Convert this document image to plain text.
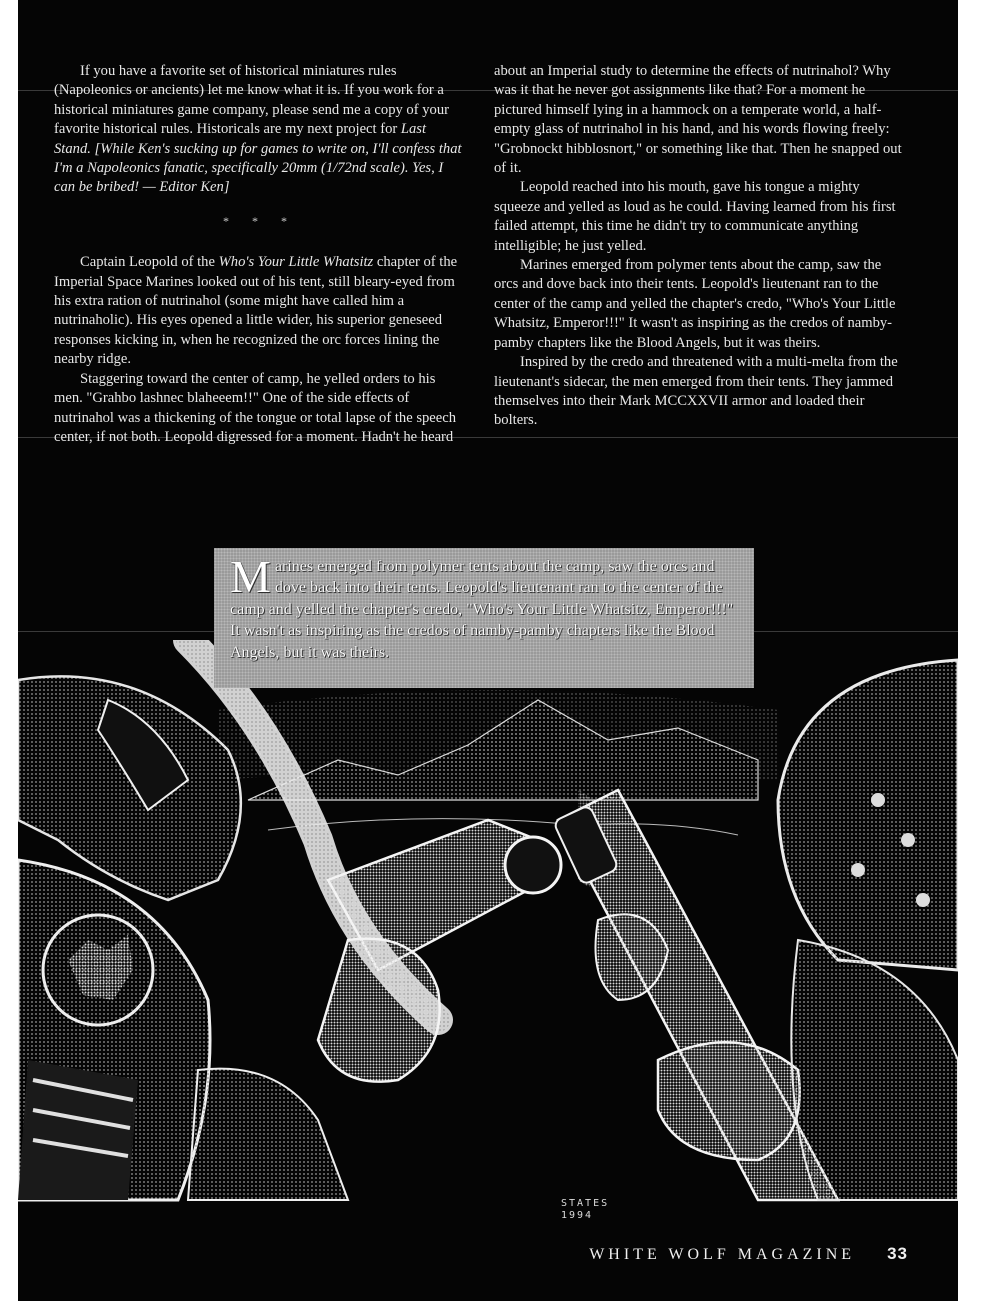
If you have a favorite set of historical miniatures rules (Napoleonics or ancients) let me know what it is. If you work for a historical miniatures game company, please send me a copy of your favorite historical rules. Historicals are my next project for Last Stand. [While Ken's sucking up for games to write on, I'll confess that I'm a Napoleonics fanatic, specifically 20mm (1/72nd scale). Yes, I can be bribed! — Editor Ken]

* * *

Captain Leopold of the Who's Your Little Whatsitz chapter of the Imperial Space Marines looked out of his tent, still bleary-eyed from his extra ration of nutrinahol (some might have called him a nutrinaholic). His eyes opened a little wider, his superior geneseed responses kicking in, when he recognized the orc forces lining the nearby ridge.

Staggering toward the center of camp, he yelled orders to his men. "Grahbo lashnec blaheeem!!" One of the side effects of nutrinahol was a thickening of the tongue or total lapse of the speech center, if not both. Leopold digressed for a moment. Hadn't he heard

about an Imperial study to determine the effects of nutrinahol? Why was it that he never got assignments like that? For a moment he pictured himself lying in a hammock on a temperate world, a half-empty glass of nutrinahol in his hand, and his words flowing freely: "Grobnockt hibblosnort," or something like that. Then he snapped out of it.

Leopold reached into his mouth, gave his tongue a mighty squeeze and yelled as loud as he could. Having learned from his first failed attempt, this time he didn't try to communicate anything intelligible; he just yelled.

Marines emerged from polymer tents about the camp, saw the orcs and dove back into their tents. Leopold's lieutenant ran to the center of the camp and yelled the chapter's credo, "Who's Your Little Whatsitz, Emperor!!!" It wasn't as inspiring as the credos of namby-pamby chapters like the Blood Angels, but it was theirs.

Inspired by the credo and threatened with a multi-melta from the lieutenant's sidecar, the men emerged from their tents. They jammed themselves into their Mark MCCXXVII armor and loaded their bolters.

Marines emerged from polymer tents about the camp, saw the orcs and dove back into their tents. Leopold's lieutenant ran to the center of the camp and yelled the chapter's credo, "Who's Your Little Whatsitz, Emperor!!!" It wasn't as inspiring as the credos of namby-pamby chapters like the Blood Angels, but it was theirs.
STATES
1994
WHITE WOLF MAGAZINE 33
